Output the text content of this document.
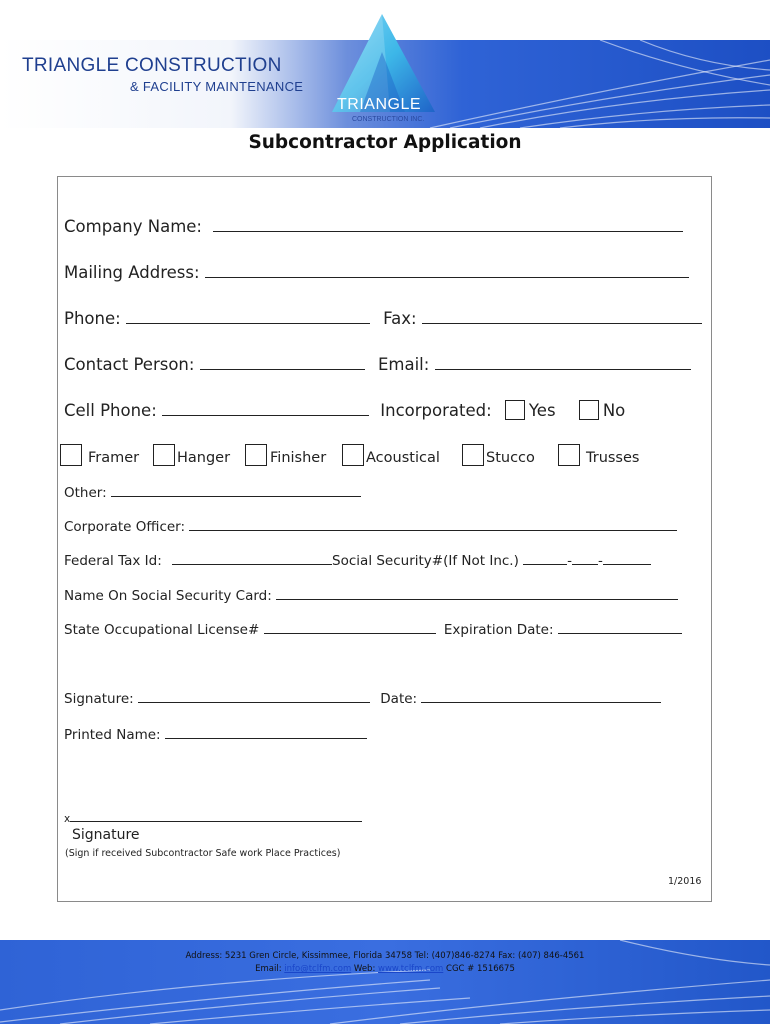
TRIANGLE CONSTRUCTION
& FACILITY MAINTENANCE
TRIANGLE
CONSTRUCTION INC.
Subcontractor Application
Company Name:
Mailing Address:
Phone:	Fax:
Contact Person:	Email:
Cell Phone:	Incorporated: Yes	No
Framer	Hanger	Finisher	Acoustical	Stucco	Trusses
Other:
Corporate Officer:
Federal Tax Id:	Social Security#(If Not Inc.)	- -
Name On Social Security Card:
State Occupational License#	Expiration Date:
Signature:	Date:
Printed Name:
x
Signature
(Sign if received Subcontractor Safe work Place Practices)
1/2016
Address: 5231 Gren Circle, Kissimmee, Florida 34758 Tel: (407)846-8274 Fax: (407) 846-4561
Email: info@tclfm.com Web: www.tclfm.com CGC # 1516675
